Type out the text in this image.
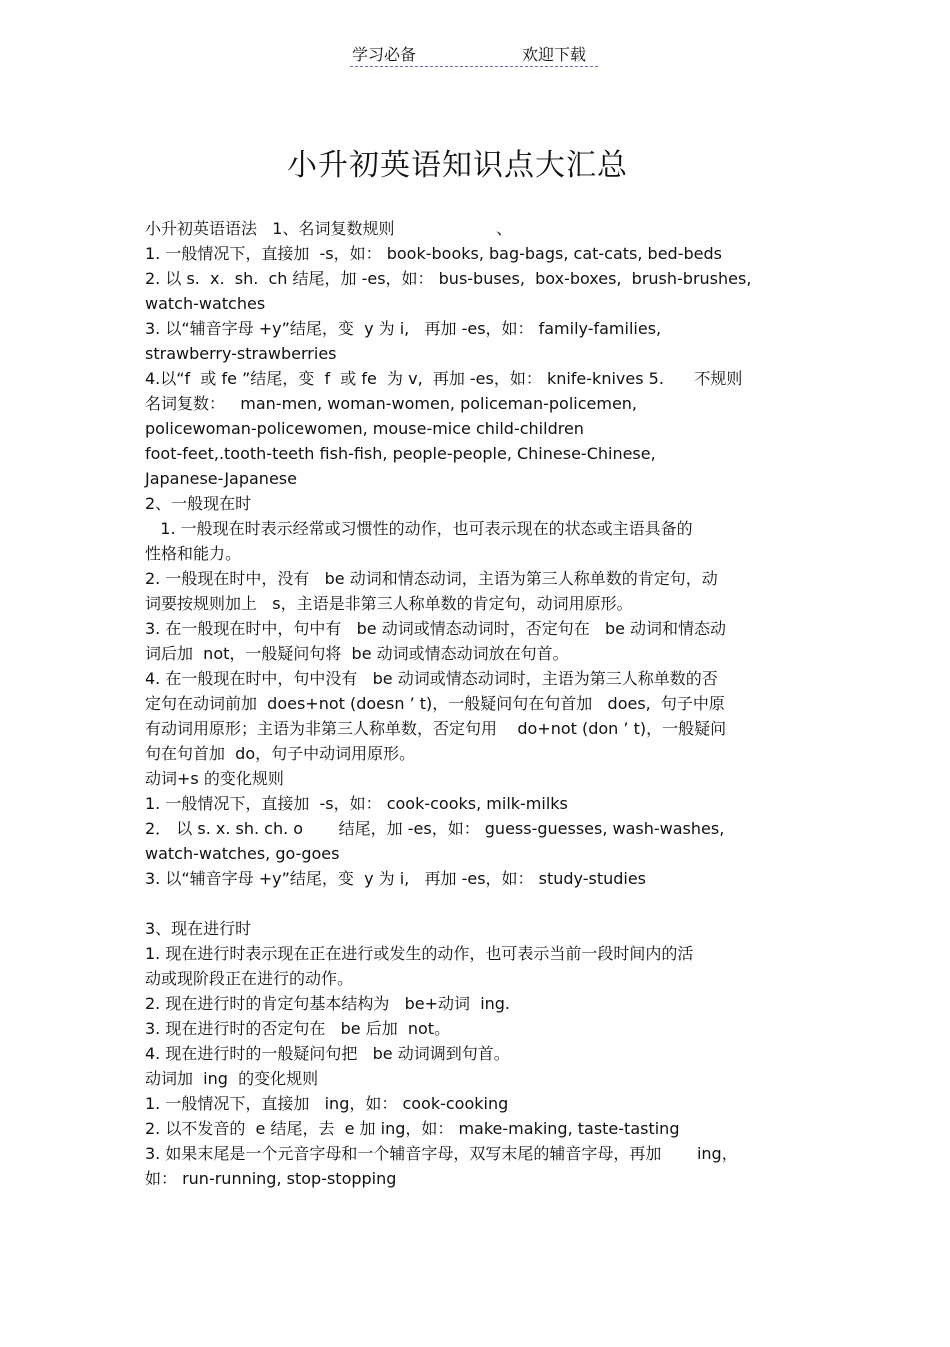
学习必备	欢迎下载
小升初英语知识点大汇总
小升初英语语法   1、名词复数规则                    、
1. 一般情况下，直接加  -s，如： book-books, bag-bags, cat-cats, bed-beds
2. 以 s.  x.  sh.  ch 结尾，加 -es，如： bus-buses,  box-boxes,  brush-brushes,
watch-watches
3. 以“辅音字母 +y”结尾，变  y 为 i,   再加 -es，如： family-families,
strawberry-strawberries
4.以“f  或 fe ”结尾，变  f  或 fe  为 v,  再加 -es，如： knife-knives 5.      不规则
名词复数：   man-men, woman-women, policeman-policemen,
policewoman-policewomen, mouse-mice child-children
foot-feet,.tooth-teeth fish-fish, people-people, Chinese-Chinese,
Japanese-Japanese
2、一般现在时
1. 一般现在时表示经常或习惯性的动作，也可表示现在的状态或主语具备的
性格和能力。
2. 一般现在时中，没有   be 动词和情态动词，主语为第三人称单数的肯定句，动
词要按规则加上   s，主语是非第三人称单数的肯定句，动词用原形。
3. 在一般现在时中，句中有   be 动词或情态动词时，否定句在   be 动词和情态动
词后加  not，一般疑问句将  be 动词或情态动词放在句首。
4. 在一般现在时中，句中没有   be 动词或情态动词时，主语为第三人称单数的否
定句在动词前加  does+not (doesn ’ t)，一般疑问句在句首加   does,  句子中原
有动词用原形；主语为非第三人称单数，否定句用    do+not (don ’ t)，一般疑问
句在句首加  do，句子中动词用原形。
动词+s 的变化规则
1. 一般情况下，直接加  -s，如： cook-cooks, milk-milks
2． 以 s. x. sh. ch. o       结尾，加 -es，如： guess-guesses, wash-washes,
watch-watches, go-goes
3. 以“辅音字母 +y”结尾，变  y 为 i,   再加 -es，如： study-studies
3、现在进行时
1. 现在进行时表示现在正在进行或发生的动作，也可表示当前一段时间内的活
动或现阶段正在进行的动作。
2. 现在进行时的肯定句基本结构为   be+动词  ing.
3. 现在进行时的否定句在   be 后加  not。
4. 现在进行时的一般疑问句把   be 动词调到句首。
动词加  ing  的变化规则
1. 一般情况下，直接加   ing，如： cook-cooking
2. 以不发音的  e 结尾，去  e 加 ing，如： make-making, taste-tasting
3. 如果末尾是一个元音字母和一个辅音字母，双写末尾的辅音字母，再加       ing，
如： run-running, stop-stopping
